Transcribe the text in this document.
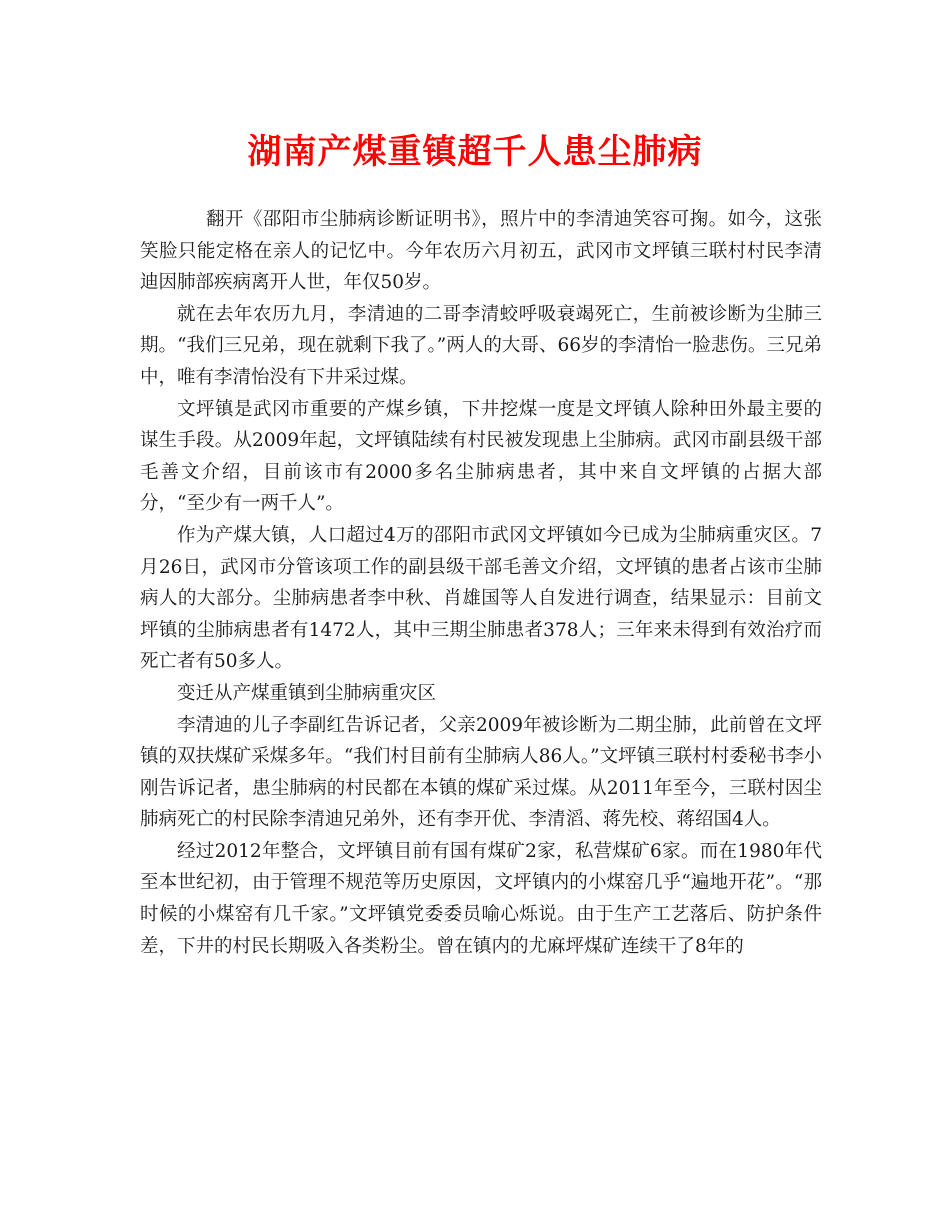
湖南产煤重镇超千人患尘肺病

翻开《邵阳市尘肺病诊断证明书》，照片中的李清迪笑容可掬。如今，这张笑脸只能定格在亲人的记忆中。今年农历六月初五，武冈市文坪镇三联村村民李清迪因肺部疾病离开人世，年仅50岁。

就在去年农历九月，李清迪的二哥李清蛟呼吸衰竭死亡，生前被诊断为尘肺三期。“我们三兄弟，现在就剩下我了。”两人的大哥、66岁的李清怡一脸悲伤。三兄弟中，唯有李清怡没有下井采过煤。

文坪镇是武冈市重要的产煤乡镇，下井挖煤一度是文坪镇人除种田外最主要的谋生手段。从2009年起，文坪镇陆续有村民被发现患上尘肺病。武冈市副县级干部毛善文介绍，目前该市有2000多名尘肺病患者，其中来自文坪镇的占据大部分，“至少有一两千人”。

作为产煤大镇，人口超过4万的邵阳市武冈文坪镇如今已成为尘肺病重灾区。7月26日，武冈市分管该项工作的副县级干部毛善文介绍，文坪镇的患者占该市尘肺病人的大部分。尘肺病患者李中秋、肖雄国等人自发进行调查，结果显示：目前文坪镇的尘肺病患者有1472人，其中三期尘肺患者378人；三年来未得到有效治疗而死亡者有50多人。

变迁从产煤重镇到尘肺病重灾区

李清迪的儿子李副红告诉记者，父亲2009年被诊断为二期尘肺，此前曾在文坪镇的双扶煤矿采煤多年。“我们村目前有尘肺病人86人。”文坪镇三联村村委秘书李小刚告诉记者，患尘肺病的村民都在本镇的煤矿采过煤。从2011年至今，三联村因尘肺病死亡的村民除李清迪兄弟外，还有李开优、李清滔、蒋先校、蒋绍国4人。

经过2012年整合，文坪镇目前有国有煤矿2家，私营煤矿6家。而在1980年代至本世纪初，由于管理不规范等历史原因，文坪镇内的小煤窑几乎“遍地开花”。“那时候的小煤窑有几千家。”文坪镇党委委员喻心烁说。由于生产工艺落后、防护条件差，下井的村民长期吸入各类粉尘。曾在镇内的尤麻坪煤矿连续干了8年的
